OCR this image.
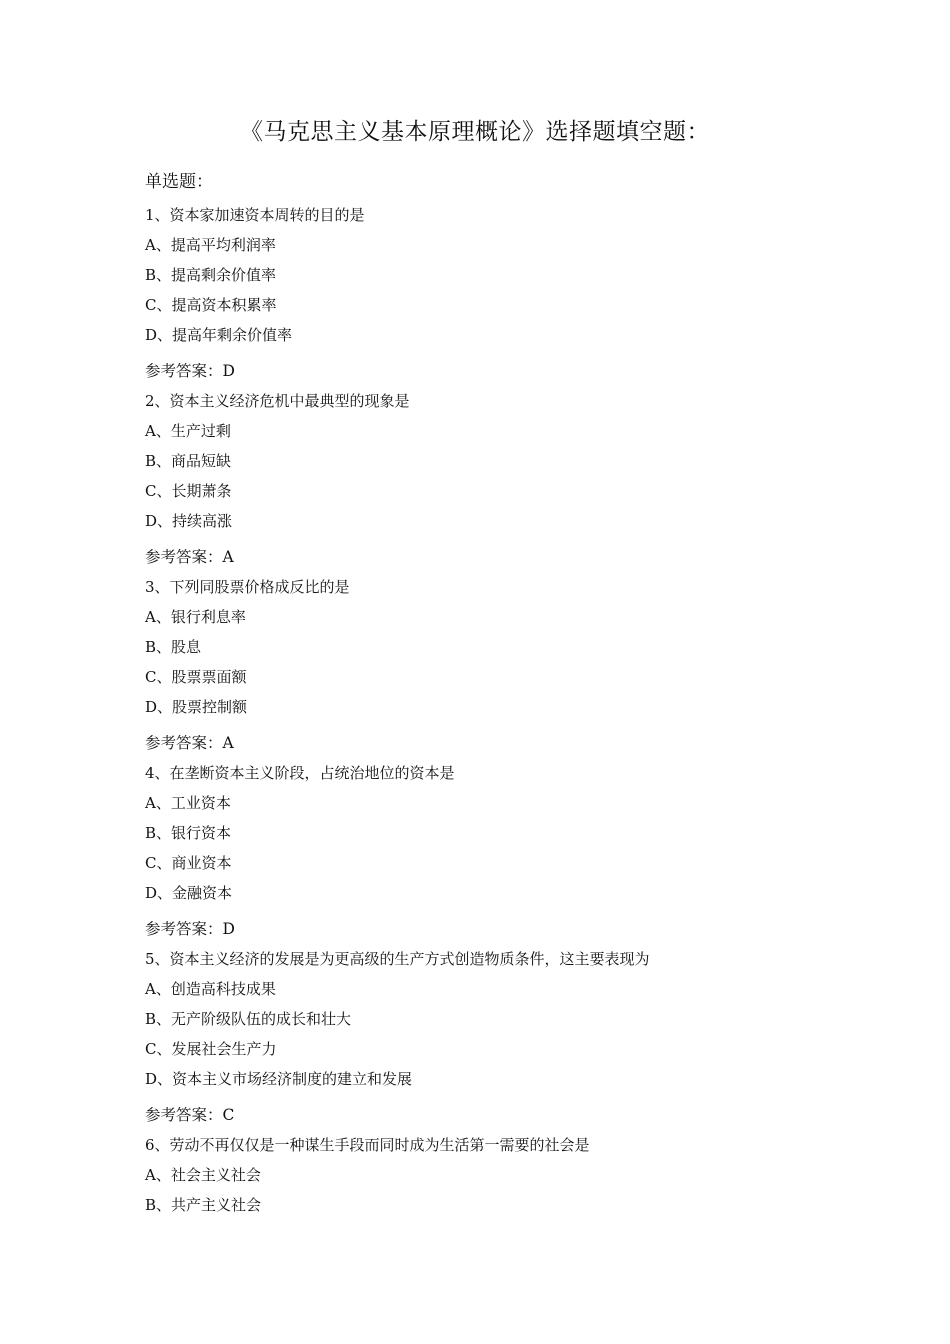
《马克思主义基本原理概论》选择题填空题：
单选题：
1、资本家加速资本周转的目的是
A、提高平均利润率
B、提高剩余价值率
C、提高资本积累率
D、提高年剩余价值率
参考答案：D
2、资本主义经济危机中最典型的现象是
A、生产过剩
B、商品短缺
C、长期萧条
D、持续高涨
参考答案：A
3、下列同股票价格成反比的是
A、银行利息率
B、股息
C、股票票面额
D、股票控制额
参考答案：A
4、在垄断资本主义阶段，占统治地位的资本是
A、工业资本
B、银行资本
C、商业资本
D、金融资本
参考答案：D
5、资本主义经济的发展是为更高级的生产方式创造物质条件，这主要表现为
A、创造高科技成果
B、无产阶级队伍的成长和壮大
C、发展社会生产力
D、资本主义市场经济制度的建立和发展
参考答案：C
6、劳动不再仅仅是一种谋生手段而同时成为生活第一需要的社会是
A、社会主义社会
B、共产主义社会
